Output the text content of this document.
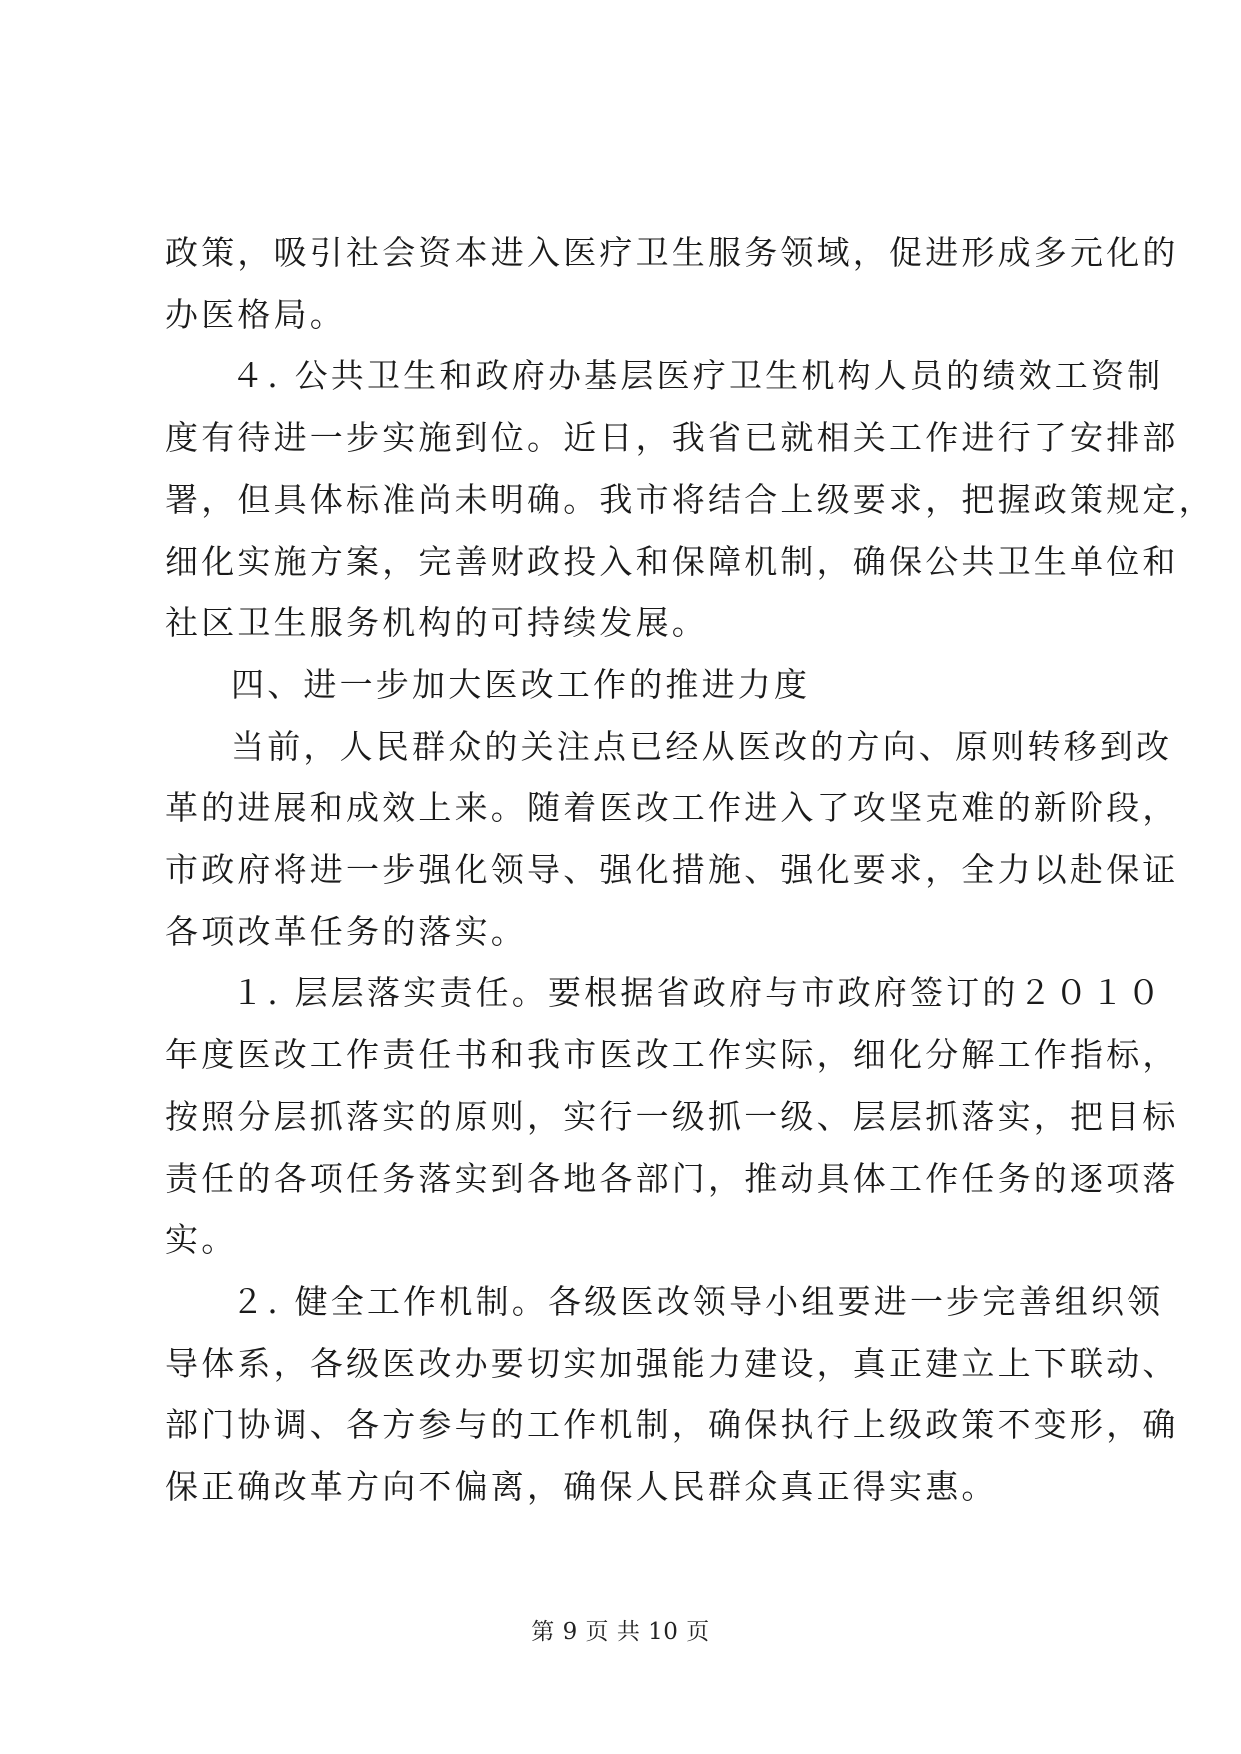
政策，吸引社会资本进入医疗卫生服务领域，促进形成多元化的
办医格局。
４. 公共卫生和政府办基层医疗卫生机构人员的绩效工资制
度有待进一步实施到位。近日，我省已就相关工作进行了安排部
署，但具体标准尚未明确。我市将结合上级要求，把握政策规定，
细化实施方案，完善财政投入和保障机制，确保公共卫生单位和
社区卫生服务机构的可持续发展。
四、进一步加大医改工作的推进力度
当前，人民群众的关注点已经从医改的方向、原则转移到改
革的进展和成效上来。随着医改工作进入了攻坚克难的新阶段，
市政府将进一步强化领导、强化措施、强化要求，全力以赴保证
各项改革任务的落实。
１. 层层落实责任。要根据省政府与市政府签订的２０１０
年度医改工作责任书和我市医改工作实际，细化分解工作指标，
按照分层抓落实的原则，实行一级抓一级、层层抓落实，把目标
责任的各项任务落实到各地各部门，推动具体工作任务的逐项落
实。
２. 健全工作机制。各级医改领导小组要进一步完善组织领
导体系，各级医改办要切实加强能力建设，真正建立上下联动、
部门协调、各方参与的工作机制，确保执行上级政策不变形，确
保正确改革方向不偏离，确保人民群众真正得实惠。
第 9 页 共 10 页
